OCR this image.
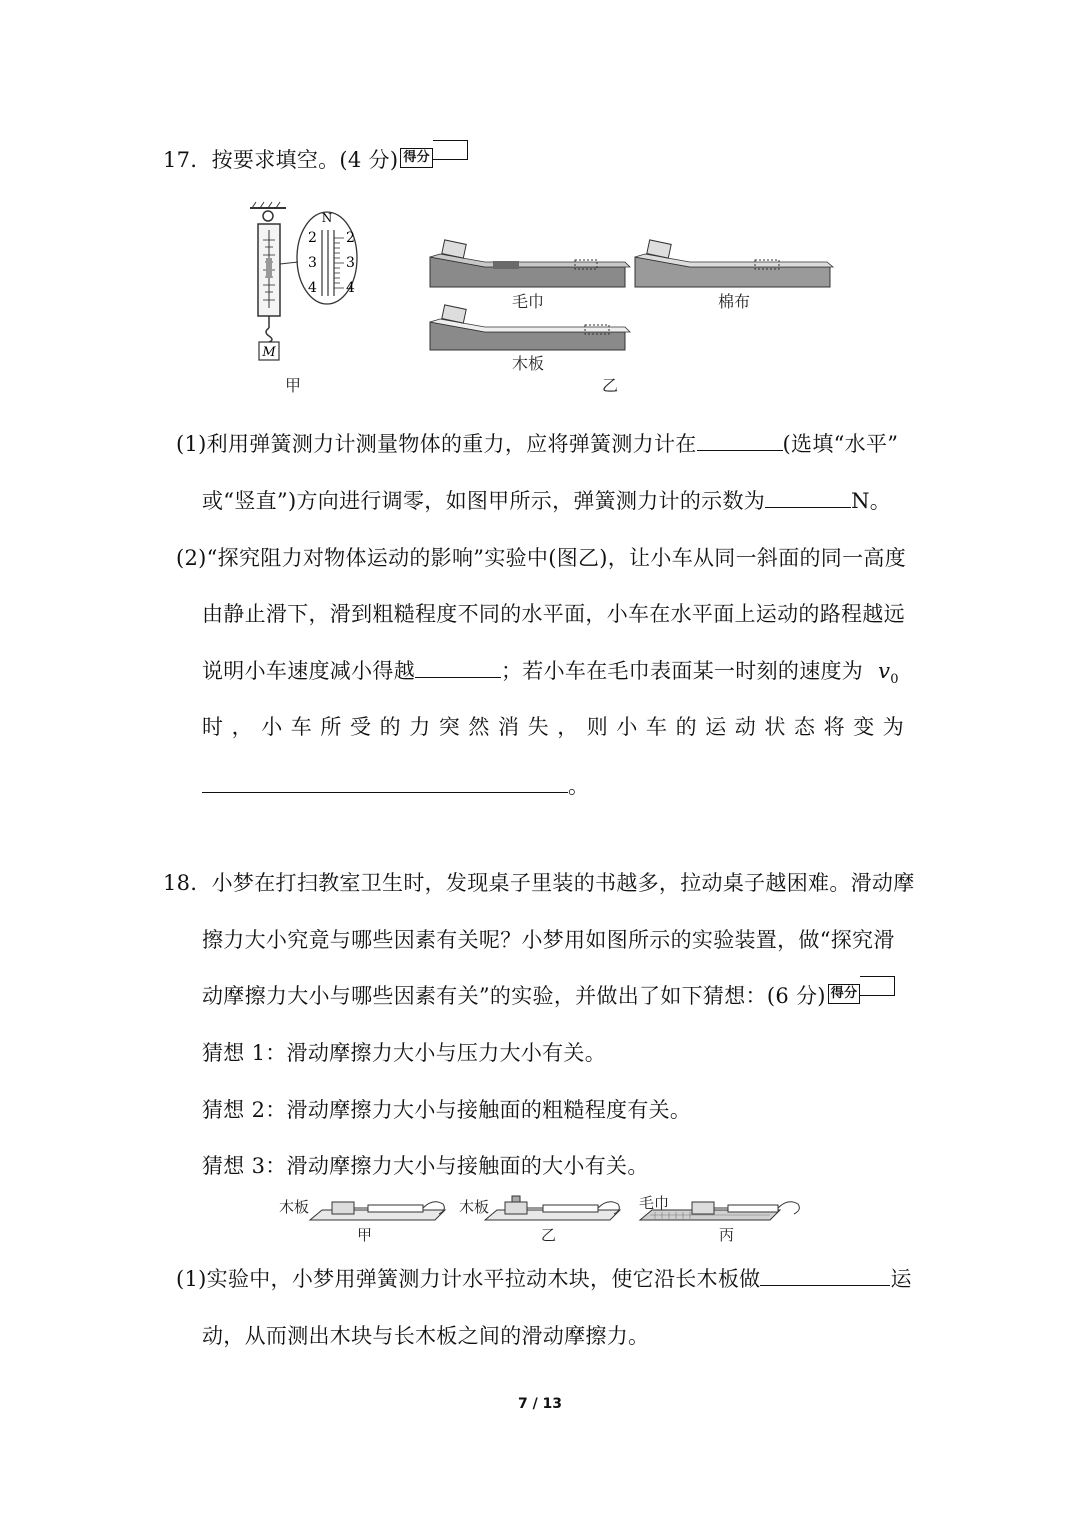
17．按要求填空。(4 分) 得分
M
N
2
3
4
2
3
4
甲
毛巾	棉布
木板
乙
(1)利用弹簧测力计测量物体的重力，应将弹簧测力计在	(选填“水平”
或“竖直”)方向进行调零，如图甲所示，弹簧测力计的示数为	N。
(2)“探究阻力对物体运动的影响”实验中(图乙)，让小车从同一斜面的同一高度
由静止滑下，滑到粗糙程度不同的水平面，小车在水平面上运动的路程越远
说明小车速度减小得越	；若小车在毛巾表面某一时刻的速度为 $v_0$
时，小车所受的力突然消失，则小车的运动状态将变为
。
18．小梦在打扫教室卫生时，发现桌子里装的书越多，拉动桌子越困难。滑动摩
擦力大小究竟与哪些因素有关呢？小梦用如图所示的实验装置，做“探究滑
动摩擦力大小与哪些因素有关”的实验，并做出了如下猜想：(6 分) 得分
猜想 1：滑动摩擦力大小与压力大小有关。
猜想 2：滑动摩擦力大小与接触面的粗糙程度有关。
猜想 3：滑动摩擦力大小与接触面的大小有关。
木板
甲
木板
乙
毛巾
丙
(1)实验中，小梦用弹簧测力计水平拉动木块，使它沿长木板做	运
动，从而测出木块与长木板之间的滑动摩擦力。
7 / 13
